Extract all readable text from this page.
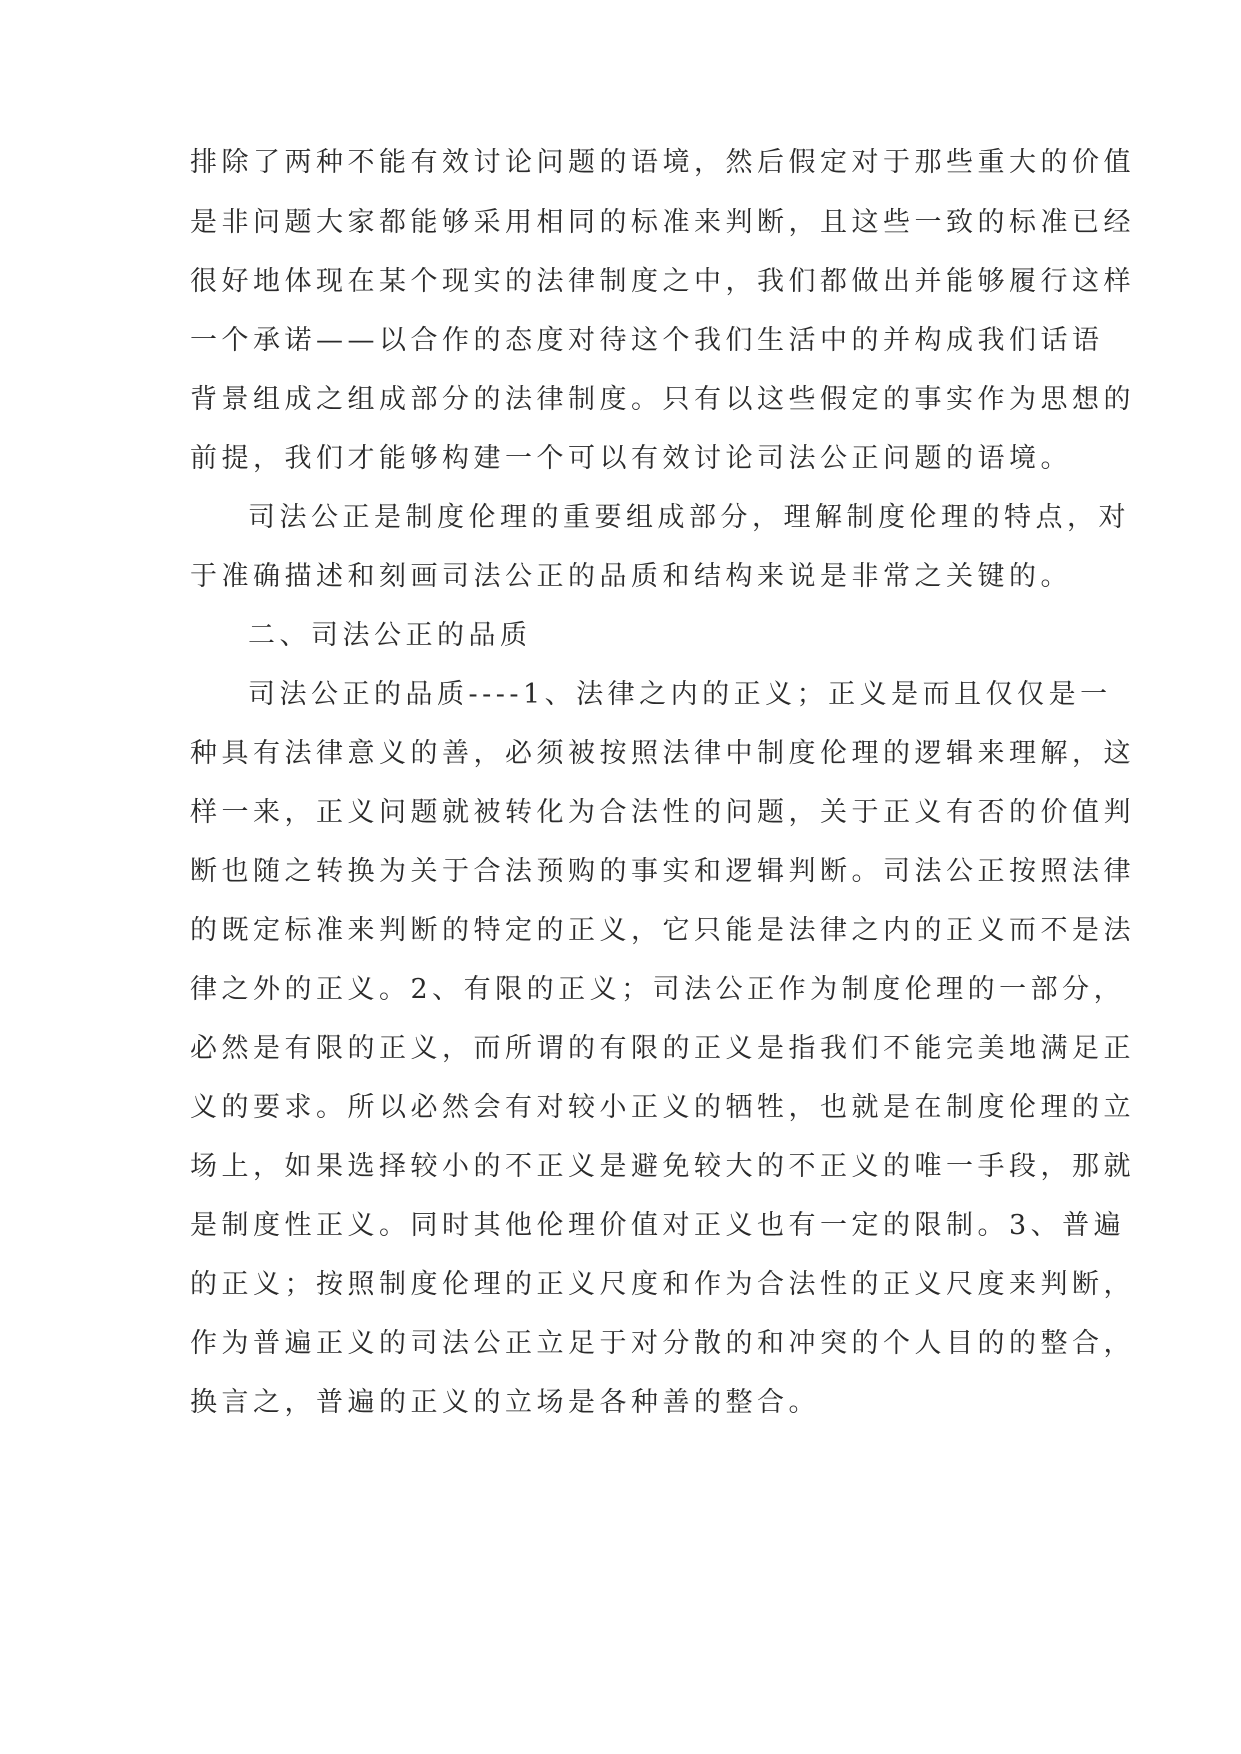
排除了两种不能有效讨论问题的语境，然后假定对于那些重大的价值
是非问题大家都能够采用相同的标准来判断，且这些一致的标准已经
很好地体现在某个现实的法律制度之中，我们都做出并能够履行这样
一个承诺——以合作的态度对待这个我们生活中的并构成我们话语
背景组成之组成部分的法律制度。只有以这些假定的事实作为思想的
前提，我们才能够构建一个可以有效讨论司法公正问题的语境。
司法公正是制度伦理的重要组成部分，理解制度伦理的特点，对
于准确描述和刻画司法公正的品质和结构来说是非常之关键的。
二、司法公正的品质
司法公正的品质----1、法律之内的正义；正义是而且仅仅是一
种具有法律意义的善，必须被按照法律中制度伦理的逻辑来理解，这
样一来，正义问题就被转化为合法性的问题，关于正义有否的价值判
断也随之转换为关于合法预购的事实和逻辑判断。司法公正按照法律
的既定标准来判断的特定的正义，它只能是法律之内的正义而不是法
律之外的正义。2、有限的正义；司法公正作为制度伦理的一部分，
必然是有限的正义，而所谓的有限的正义是指我们不能完美地满足正
义的要求。所以必然会有对较小正义的牺牲，也就是在制度伦理的立
场上，如果选择较小的不正义是避免较大的不正义的唯一手段，那就
是制度性正义。同时其他伦理价值对正义也有一定的限制。3、普遍
的正义；按照制度伦理的正义尺度和作为合法性的正义尺度来判断，
作为普遍正义的司法公正立足于对分散的和冲突的个人目的的整合，
换言之，普遍的正义的立场是各种善的整合。
